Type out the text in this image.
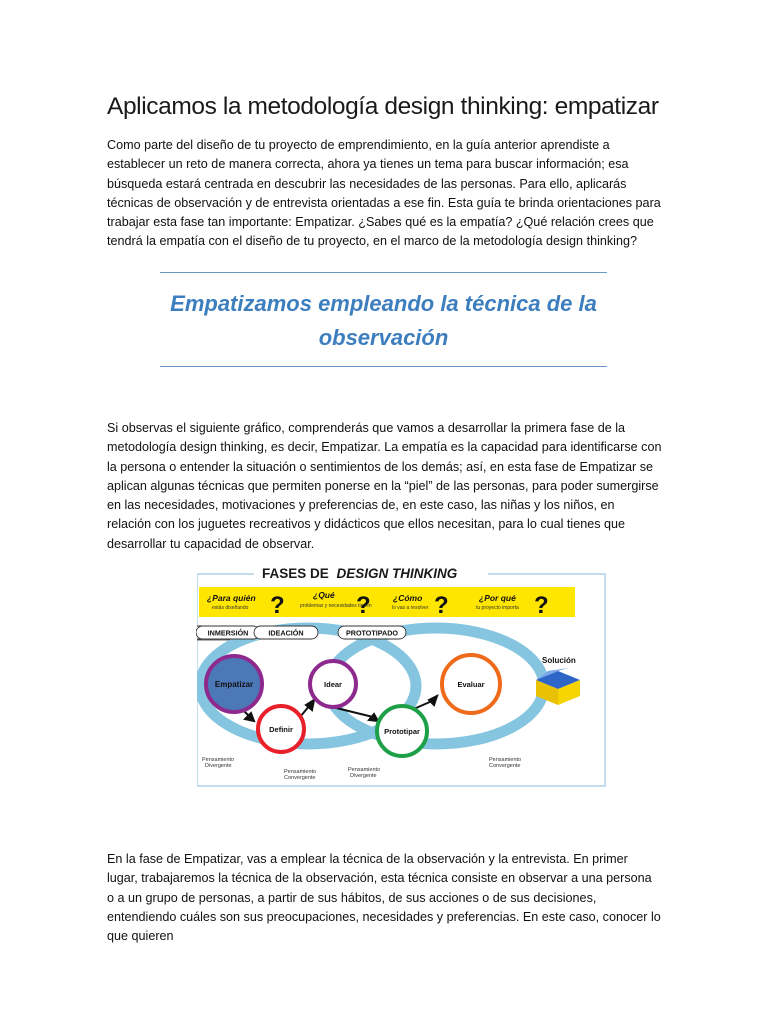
Aplicamos la metodología design thinking: empatizar

Como parte del diseño de tu proyecto de emprendimiento, en la guía anterior aprendiste a establecer un reto de manera correcta, ahora ya tienes un tema para buscar información; esa búsqueda estará centrada en descubrir las necesidades de las personas. Para ello, aplicarás técnicas de observación y de entrevista orientadas a ese fin. Esta guía te brinda orientaciones para trabajar esta fase tan importante: Empatizar. ¿Sabes qué es la empatía? ¿Qué relación crees que tendrá la empatía con el diseño de tu proyecto, en el marco de la metodología design thinking?

Empatizamos empleando la técnica de la observación

Si observas el siguiente gráfico, comprenderás que vamos a desarrollar la primera fase de la metodología design thinking, es decir, Empatizar. La empatía es la capacidad para identificarse con la persona o entender la situación o sentimientos de los demás; así, en esta fase de Empatizar se aplican algunas técnicas que permiten ponerse en la “piel” de las personas, para poder sumergirse en las necesidades, motivaciones y preferencias de, en este caso, las niñas y los niños, en relación con los juguetes recreativos y didácticos que ellos necesitan, para lo cual tienes que desarrollar tu capacidad de observar.

FASES DE DESIGN THINKING
¿Para quién
estás diseñando ?	¿Qué
problemas y necesidades tienen
?	¿Cómo
lo vas a resolver ?	¿Por qué
tu proyecto importa ?
INMERSIÓN	IDEACIÓN	PROTOTIPADO
Empatizar
Definir
Idear
Prototipar
Evaluar
Solución
Pensamiento
Divergente
Pensamiento
Convergente
Pensamiento
Divergente
Pensamiento
Convergente

En la fase de Empatizar, vas a emplear la técnica de la observación y la entrevista. En primer lugar, trabajaremos la técnica de la observación, esta técnica consiste en observar a una persona o a un grupo de personas, a partir de sus hábitos, de sus acciones o de sus decisiones, entendiendo cuáles son sus preocupaciones, necesidades y preferencias. En este caso, conocer lo que quieren
